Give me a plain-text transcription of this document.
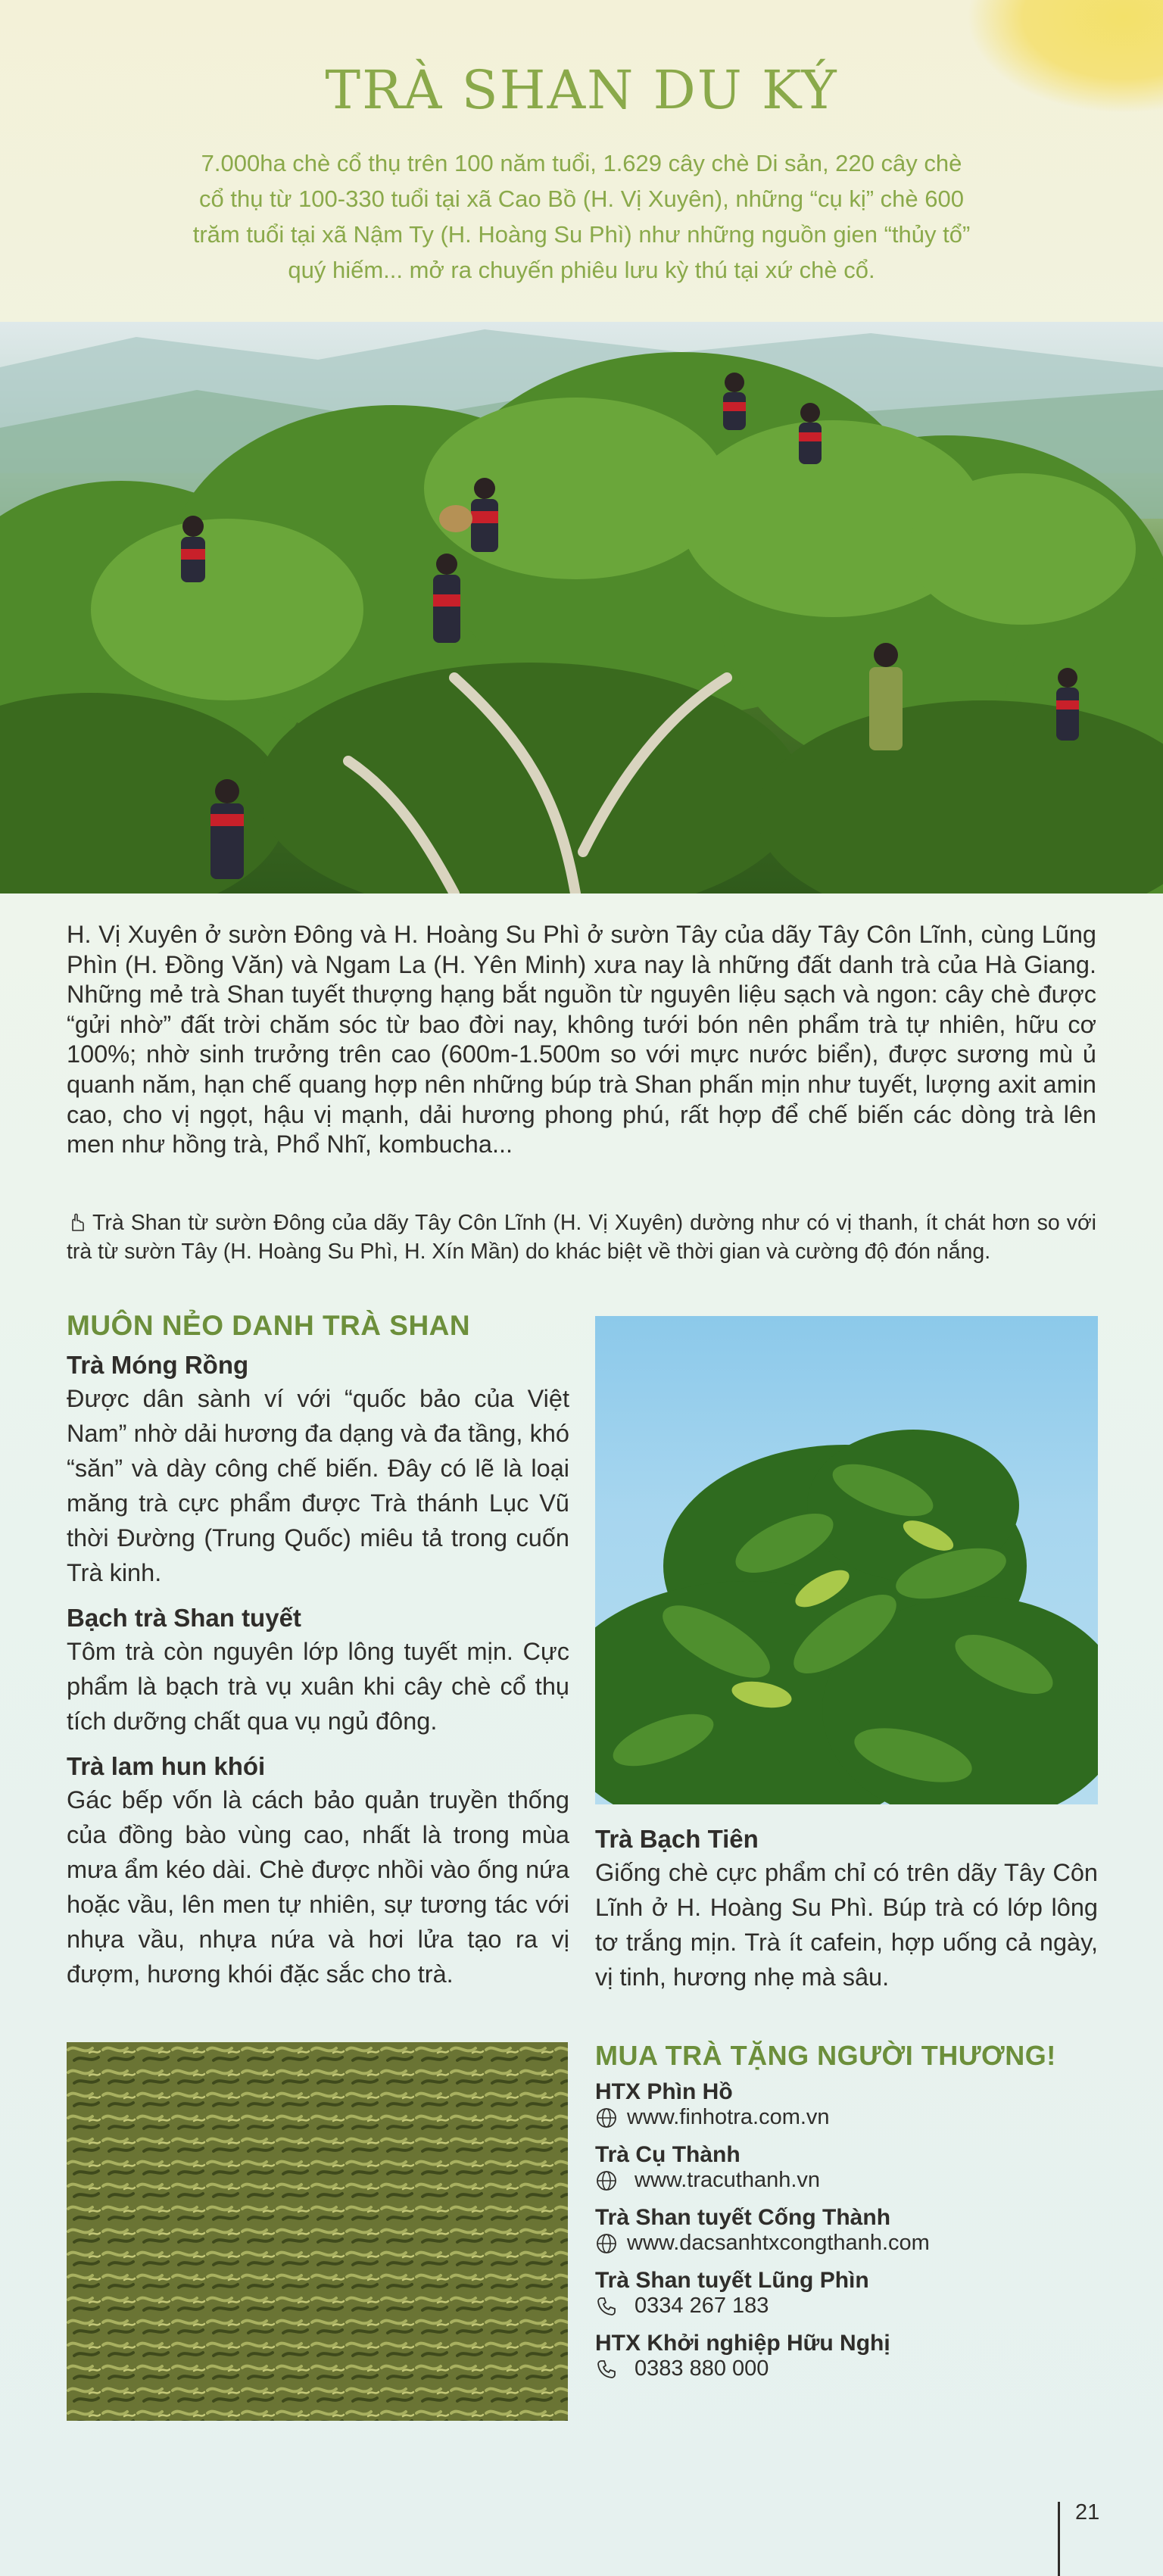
TRÀ SHAN DU KÝ

7.000ha chè cổ thụ trên 100 năm tuổi, 1.629 cây chè Di sản, 220 cây chè cổ thụ từ 100-330 tuổi tại xã Cao Bồ (H. Vị Xuyên), những “cụ kị” chè 600 trăm tuổi tại xã Nậm Ty (H. Hoàng Su Phì) như những nguồn gien “thủy tổ” quý hiếm... mở ra chuyến phiêu lưu kỳ thú tại xứ chè cổ.

H. Vị Xuyên ở sườn Đông và H. Hoàng Su Phì ở sườn Tây của dãy Tây Côn Lĩnh, cùng Lũng Phìn (H. Đồng Văn) và Ngam La (H. Yên Minh) xưa nay là những đất danh trà của Hà Giang. Những mẻ trà Shan tuyết thượng hạng bắt nguồn từ nguyên liệu sạch và ngon: cây chè được “gửi nhờ” đất trời chăm sóc từ bao đời nay, không tưới bón nên phẩm trà tự nhiên, hữu cơ 100%; nhờ sinh trưởng trên cao (600m-1.500m so với mực nước biển), được sương mù ủ quanh năm, hạn chế quang hợp nên những búp trà Shan phấn mịn như tuyết, lượng axit amin cao, cho vị ngọt, hậu vị mạnh, dải hương phong phú, rất hợp để chế biến các dòng trà lên men như hồng trà, Phổ Nhĩ, kombucha...

Trà Shan từ sườn Đông của dãy Tây Côn Lĩnh (H. Vị Xuyên) dường như có vị thanh, ít chát hơn so với trà từ sườn Tây (H. Hoàng Su Phì, H. Xín Mần) do khác biệt về thời gian và cường độ đón nắng.

MUÔN NẺO DANH TRÀ SHAN
Trà Móng Rồng

Được dân sành ví với “quốc bảo của Việt Nam” nhờ dải hương đa dạng và đa tầng, khó “săn” và dày công chế biến. Đây có lẽ là loại măng trà cực phẩm được Trà thánh Lục Vũ thời Đường (Trung Quốc) miêu tả trong cuốn Trà kinh.

Bạch trà Shan tuyết

Tôm trà còn nguyên lớp lông tuyết mịn. Cực phẩm là bạch trà vụ xuân khi cây chè cổ thụ tích dưỡng chất qua vụ ngủ đông.

Trà lam hun khói

Gác bếp vốn là cách bảo quản truyền thống của đồng bào vùng cao, nhất là trong mùa mưa ẩm kéo dài. Chè được nhồi vào ống nứa hoặc vầu, lên men tự nhiên, sự tương tác với nhựa vầu, nhựa nứa và hơi lửa tạo ra vị đượm, hương khói đặc sắc cho trà.

Trà Bạch Tiên

Giống chè cực phẩm chỉ có trên dãy Tây Côn Lĩnh ở H. Hoàng Su Phì. Búp trà có lớp lông tơ trắng mịn. Trà ít cafein, hợp uống cả ngày, vị tinh, hương nhẹ mà sâu.

MUA TRÀ TẶNG NGƯỜI THƯƠNG!

HTX Phìn Hồ

www.finhotra.com.vn

Trà Cụ Thành

www.tracuthanh.vn

Trà Shan tuyết Cống Thành

www.dacsanhtxcongthanh.com

Trà Shan tuyết Lũng Phìn

0334 267 183

HTX Khởi nghiệp Hữu Nghị

0383 880 000

21
